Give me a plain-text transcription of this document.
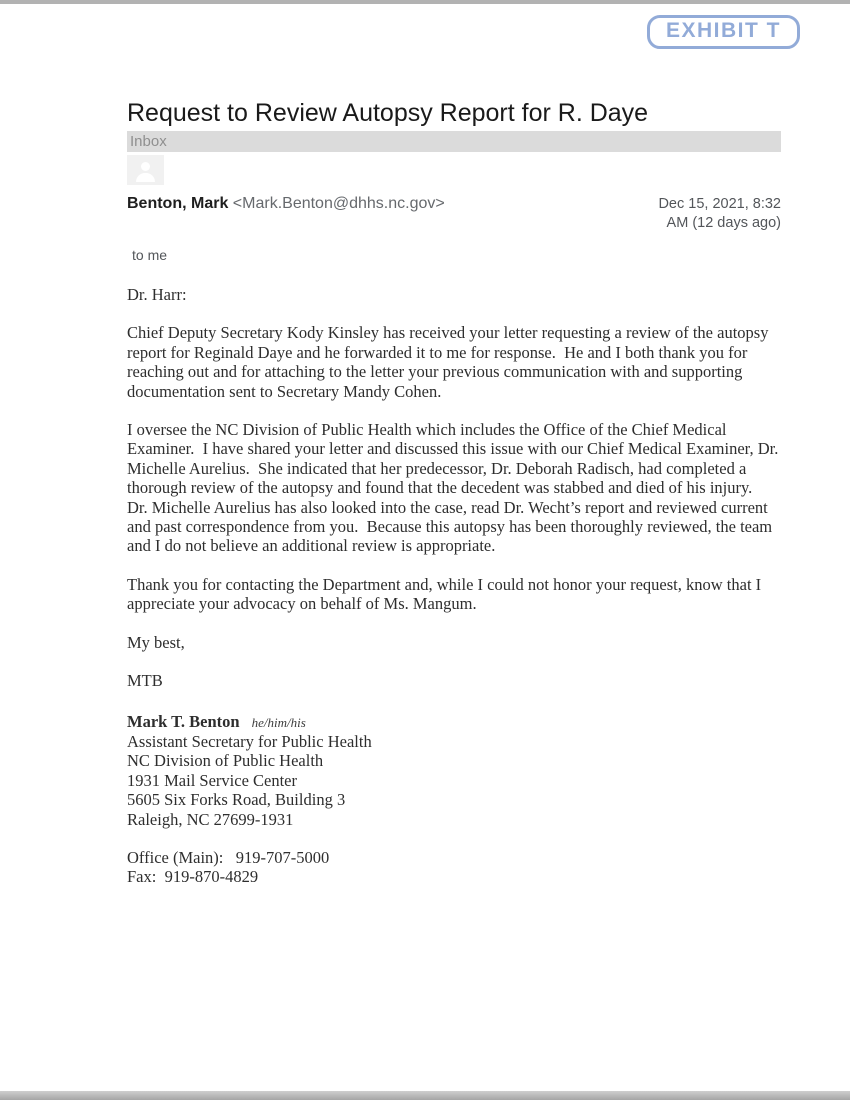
EXHIBIT T
Request to Review Autopsy Report for R. Daye
Inbox
Benton, Mark <Mark.Benton@dhhs.nc.gov>	Dec 15, 2021, 8:32
AM (12 days ago)
to me

Dr. Harr:

Chief Deputy Secretary Kody Kinsley has received your letter requesting a review of the autopsy report for Reginald Daye and he forwarded it to me for response.  He and I both thank you for reaching out and for attaching to the letter your previous communication with and supporting documentation sent to Secretary Mandy Cohen.

I oversee the NC Division of Public Health which includes the Office of the Chief Medical Examiner.  I have shared your letter and discussed this issue with our Chief Medical Examiner, Dr. Michelle Aurelius.  She indicated that her predecessor, Dr. Deborah Radisch, had completed a thorough review of the autopsy and found that the decedent was stabbed and died of his injury.  Dr. Michelle Aurelius has also looked into the case, read Dr. Wecht’s report and reviewed current and past correspondence from you.  Because this autopsy has been thoroughly reviewed, the team and I do not believe an additional review is appropriate.

Thank you for contacting the Department and, while I could not honor your request, know that I appreciate your advocacy on behalf of Ms. Mangum.

My best,

MTB

Mark T. Benton he/him/his
Assistant Secretary for Public Health
NC Division of Public Health
1931 Mail Service Center
5605 Six Forks Road, Building 3
Raleigh, NC 27699-1931
Office (Main):   919-707-5000
Fax:  919-870-4829
